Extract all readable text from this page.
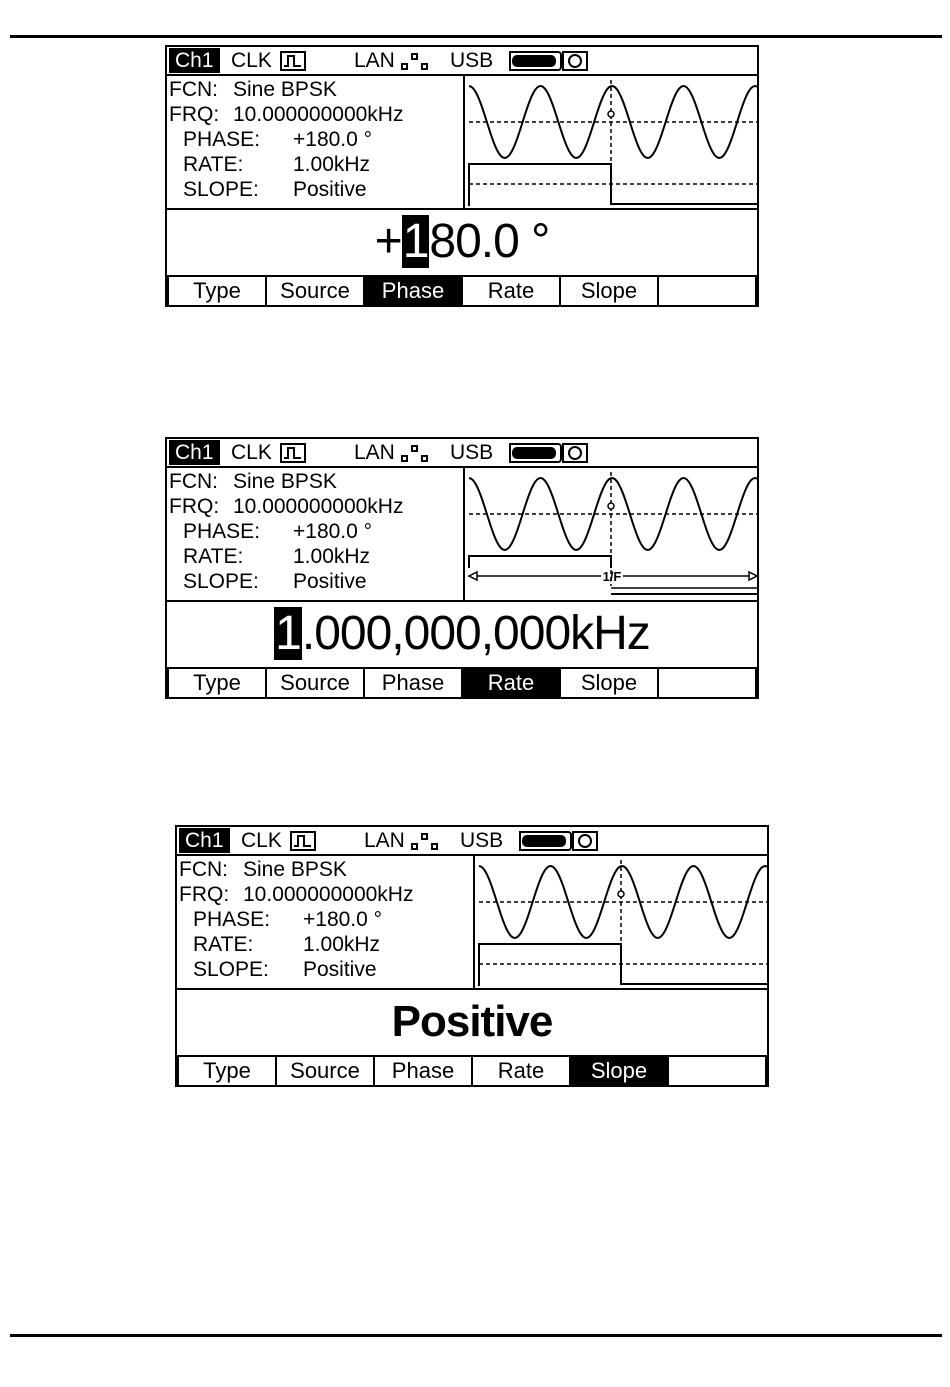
Ch1 CLK	LAN	USB
FCN: Sine BPSK
FRQ: 10.000000000kHz
PHASE: +180.0 °
RATE: 1.00kHz
SLOPE: Positive
+180.0 °
Type	Source	Phase	Rate	Slope
Ch1 CLK	LAN	USB
FCN: Sine BPSK
FRQ: 10.000000000kHz
PHASE: +180.0 °
RATE: 1.00kHz
SLOPE: Positive	1/F
1.000,000,000kHz
Type	Source	Phase	Rate	Slope
Ch1 CLK	LAN	USB
FCN: Sine BPSK
FRQ: 10.000000000kHz
PHASE: +180.0 °
RATE: 1.00kHz
SLOPE: Positive
Positive
Type	Source	Phase	Rate	Slope
